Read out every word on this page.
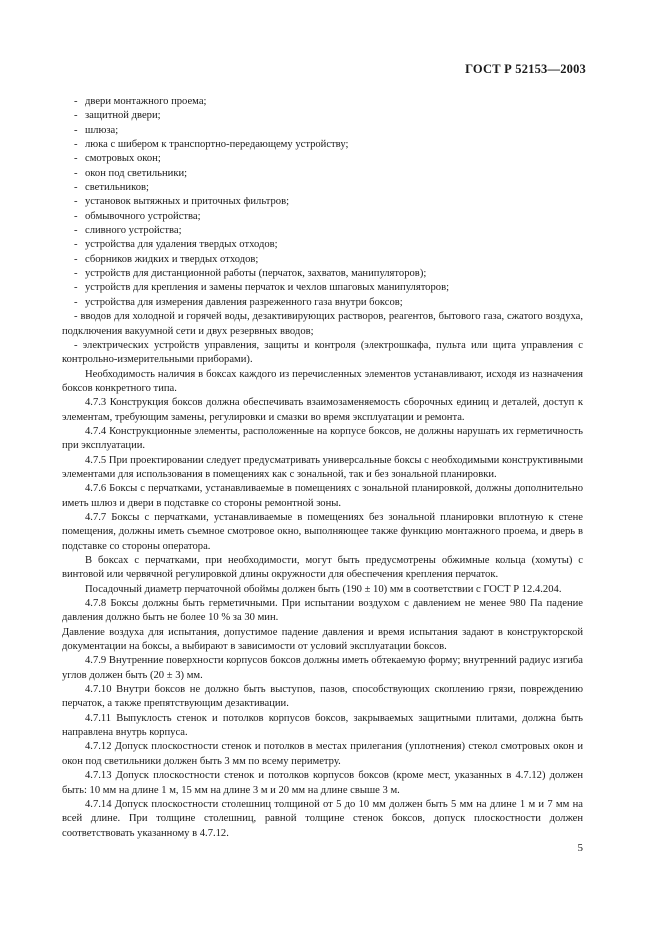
ГОСТ Р 52153—2003
- двери монтажного проема;
- защитной двери;
- шлюза;
- люка с шибером к транспортно-передающему устройству;
- смотровых окон;
- окон под светильники;
- светильников;
- установок вытяжных и приточных фильтров;
- обмывочного устройства;
- сливного устройства;
- устройства для удаления твердых отходов;
- сборников жидких и твердых отходов;
- устройств для дистанционной работы (перчаток, захватов, манипуляторов);
- устройств для крепления и замены перчаток и чехлов шпаговых манипуляторов;
- устройства для измерения давления разреженного газа внутри боксов;

- вводов для холодной и горячей воды, дезактивирующих растворов, реагентов, бытового газа, сжатого воздуха, подключения вакуумной сети и двух резервных вводов;

- электрических устройств управления, защиты и контроля (электрошкафа, пульта или щита управления с контрольно-измерительными приборами).

Необходимость наличия в боксах каждого из перечисленных элементов устанавливают, исходя из назначения боксов конкретного типа.

4.7.3 Конструкция боксов должна обеспечивать взаимозаменяемость сборочных единиц и деталей, доступ к элементам, требующим замены, регулировки и смазки во время эксплуатации и ремонта.

4.7.4 Конструкционные элементы, расположенные на корпусе боксов, не должны нарушать их герметичность при эксплуатации.

4.7.5 При проектировании следует предусматривать универсальные боксы с необходимыми конструктивными элементами для использования в помещениях как с зональной, так и без зональной планировки.

4.7.6 Боксы с перчатками, устанавливаемые в помещениях с зональной планировкой, должны дополнительно иметь шлюз и двери в подставке со стороны ремонтной зоны.

4.7.7 Боксы с перчатками, устанавливаемые в помещениях без зональной планировки вплотную к стене помещения, должны иметь съемное смотровое окно, выполняющее также функцию монтажного проема, и дверь в подставке со стороны оператора.

В боксах с перчатками, при необходимости, могут быть предусмотрены обжимные кольца (хомуты) с винтовой или червячной регулировкой длины окружности для обеспечения крепления перчаток.

Посадочный диаметр перчаточной обоймы должен быть (190 ± 10) мм в соответствии с ГОСТ Р 12.4.204.

4.7.8 Боксы должны быть герметичными. При испытании воздухом с давлением не менее 980 Па падение давления должно быть не более 10 % за 30 мин.

Давление воздуха для испытания, допустимое падение давления и время испытания задают в конструкторской документации на боксы, а выбирают в зависимости от условий эксплуатации боксов.

4.7.9 Внутренние поверхности корпусов боксов должны иметь обтекаемую форму; внутренний радиус изгиба углов должен быть (20 ± 3) мм.

4.7.10 Внутри боксов не должно быть выступов, пазов, способствующих скоплению грязи, повреждению перчаток, а также препятствующим дезактивации.

4.7.11 Выпуклость стенок и потолков корпусов боксов, закрываемых защитными плитами, должна быть направлена внутрь корпуса.

4.7.12 Допуск плоскостности стенок и потолков в местах прилегания (уплотнения) стекол смотровых окон и окон под светильники должен быть 3 мм по всему периметру.

4.7.13 Допуск плоскостности стенок и потолков корпусов боксов (кроме мест, указанных в 4.7.12) должен быть: 10 мм на длине 1 м, 15 мм на длине 3 м и 20 мм на длине свыше 3 м.

4.7.14 Допуск плоскостности столешниц толщиной от 5 до 10 мм должен быть 5 мм на длине 1 м и 7 мм на всей длине. При толщине столешниц, равной толщине стенок боксов, допуск плоскостности должен соответствовать указанному в 4.7.12.

5
